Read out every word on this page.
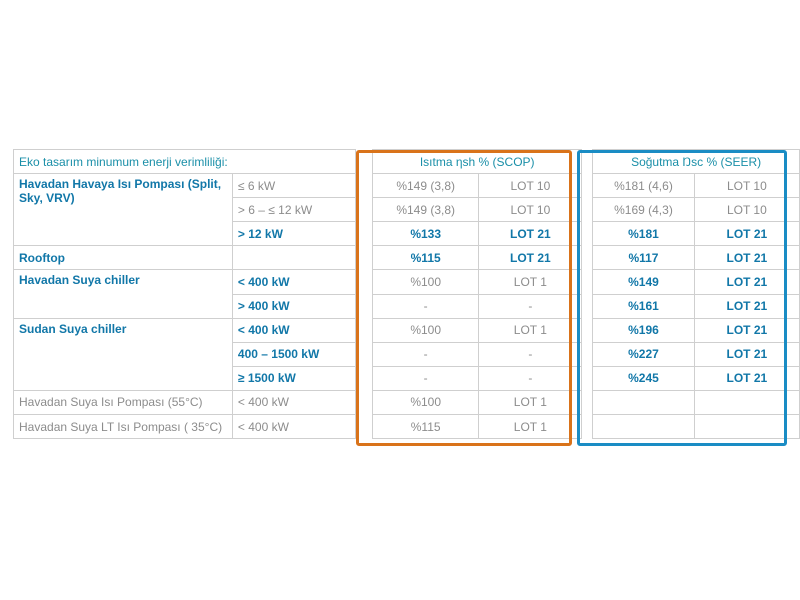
Eko tasarım minumum enerji verimliliği:			Isıtma ηsh % (SCOP)			Soğutma Ŋsc % (SEER)	
Havadan Havaya Isı Pompası (Split, Sky, VRV)	≤ 6 kW		%149 (3,8)	LOT 10		%181 (4,6)	LOT 10
	> 6 – ≤ 12 kW		%149 (3,8)	LOT 10		%169 (4,3)	LOT 10
	> 12 kW		%133	LOT 21		%181	LOT 21
Rooftop			%115	LOT 21		%117	LOT 21
Havadan Suya chiller	< 400 kW		%100	LOT 1		%149	LOT 21
	> 400 kW		-	-		%161	LOT 21
Sudan Suya chiller	< 400 kW		%100	LOT 1		%196	LOT 21
	400 – 1500 kW		-	-		%227	LOT 21
	≥ 1500 kW		-	-		%245	LOT 21
Havadan Suya Isı Pompası (55°C)	< 400 kW		%100	LOT 1			
Havadan Suya LT Isı Pompası ( 35°C)	< 400 kW		%115	LOT 1			
